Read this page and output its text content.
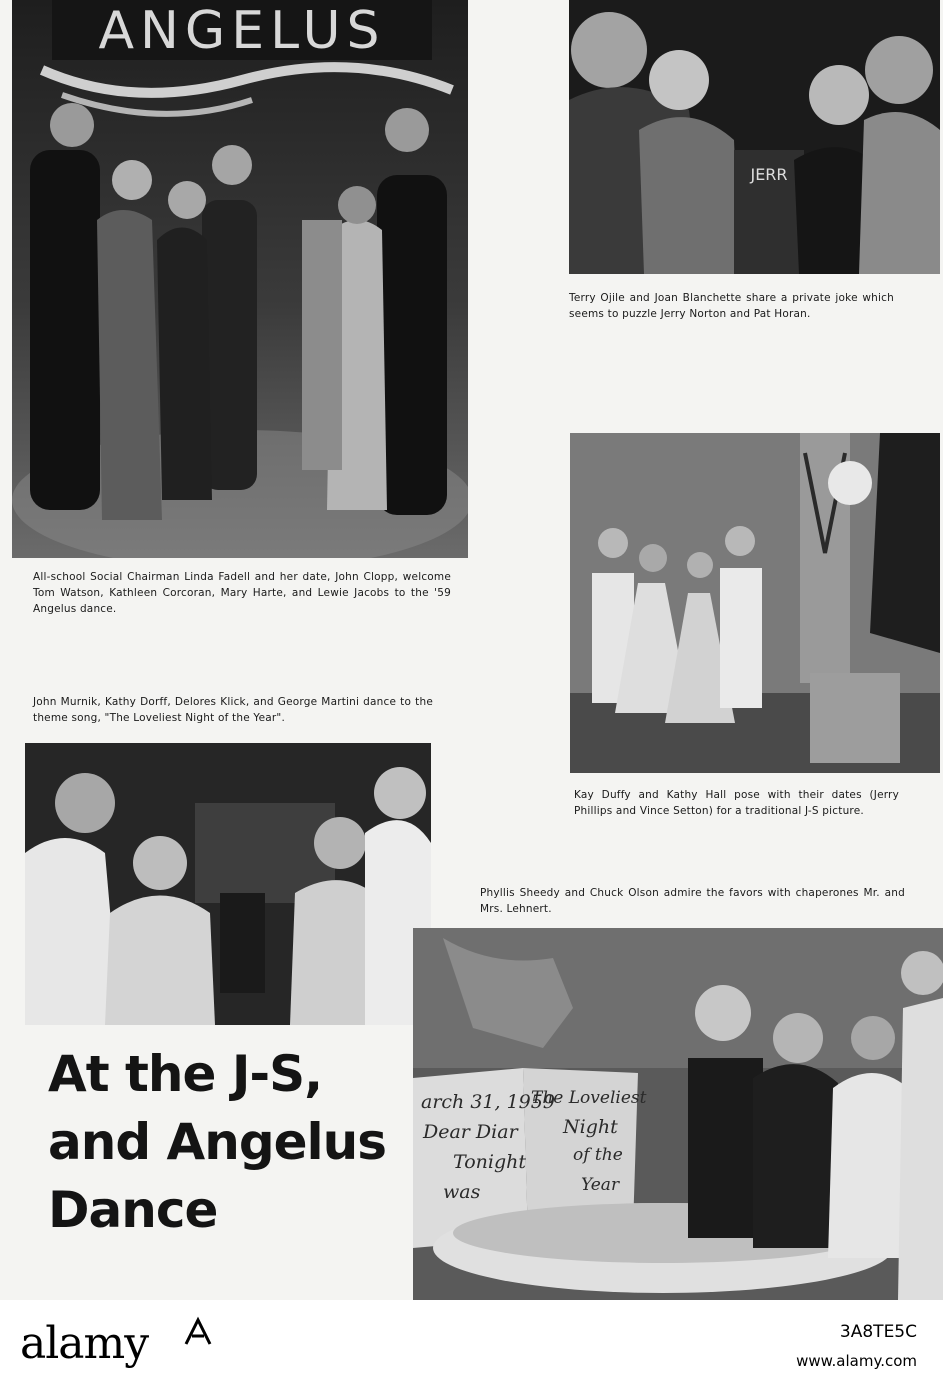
ANGELUS
JERR
Terry Ojile and Joan Blanchette share a private joke which seems to puzzle Jerry Norton and Pat Horan.
All-school Social Chairman Linda Fadell and her date, John Clopp, welcome Tom Watson, Kathleen Corcoran, Mary Harte, and Lewie Jacobs to the '59 Angelus dance.
Kay Duffy and Kathy Hall pose with their dates (Jerry Phillips and Vince Setton) for a traditional J-S picture.
John Murnik, Kathy Dorff, Delores Klick, and George Martini dance to the theme song, "The Loveliest Night of the Year".
Phyllis Sheedy and Chuck Olson admire the favors with chaperones Mr. and Mrs. Lehnert.
arch 31, 1959
Dear Diar
Tonight
was
The Loveliest
Night
of the
Year
At the J-S,
and Angelus
Dance
alamy	3A8TE5C
www.alamy.com
